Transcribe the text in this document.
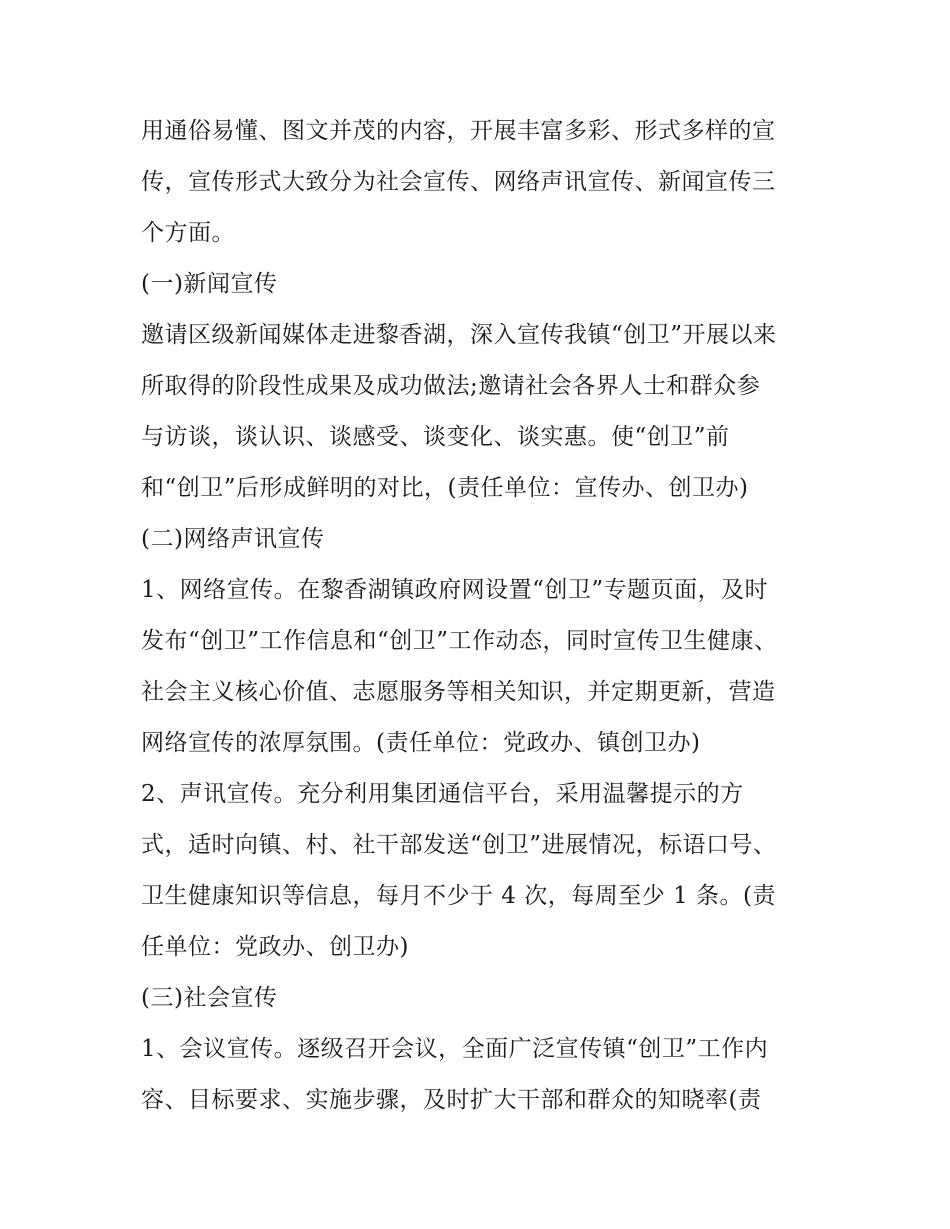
用通俗易懂、图文并茂的内容，开展丰富多彩、形式多样的宣
传，宣传形式大致分为社会宣传、网络声讯宣传、新闻宣传三
个方面。
(一)新闻宣传
邀请区级新闻媒体走进黎香湖，深入宣传我镇“创卫”开展以来
所取得的阶段性成果及成功做法;邀请社会各界人士和群众参
与访谈，谈认识、谈感受、谈变化、谈实惠。使“创卫”前
和“创卫”后形成鲜明的对比，(责任单位：宣传办、创卫办)
(二)网络声讯宣传
1、网络宣传。在黎香湖镇政府网设置“创卫”专题页面，及时
发布“创卫”工作信息和“创卫”工作动态，同时宣传卫生健康、
社会主义核心价值、志愿服务等相关知识，并定期更新，营造
网络宣传的浓厚氛围。(责任单位：党政办、镇创卫办)
2、声讯宣传。充分利用集团通信平台，采用温馨提示的方
式，适时向镇、村、社干部发送“创卫”进展情况，标语口号、
卫生健康知识等信息，每月不少于 4 次，每周至少 1 条。(责
任单位：党政办、创卫办)
(三)社会宣传
1、会议宣传。逐级召开会议，全面广泛宣传镇“创卫”工作内
容、目标要求、实施步骤，及时扩大干部和群众的知晓率(责
